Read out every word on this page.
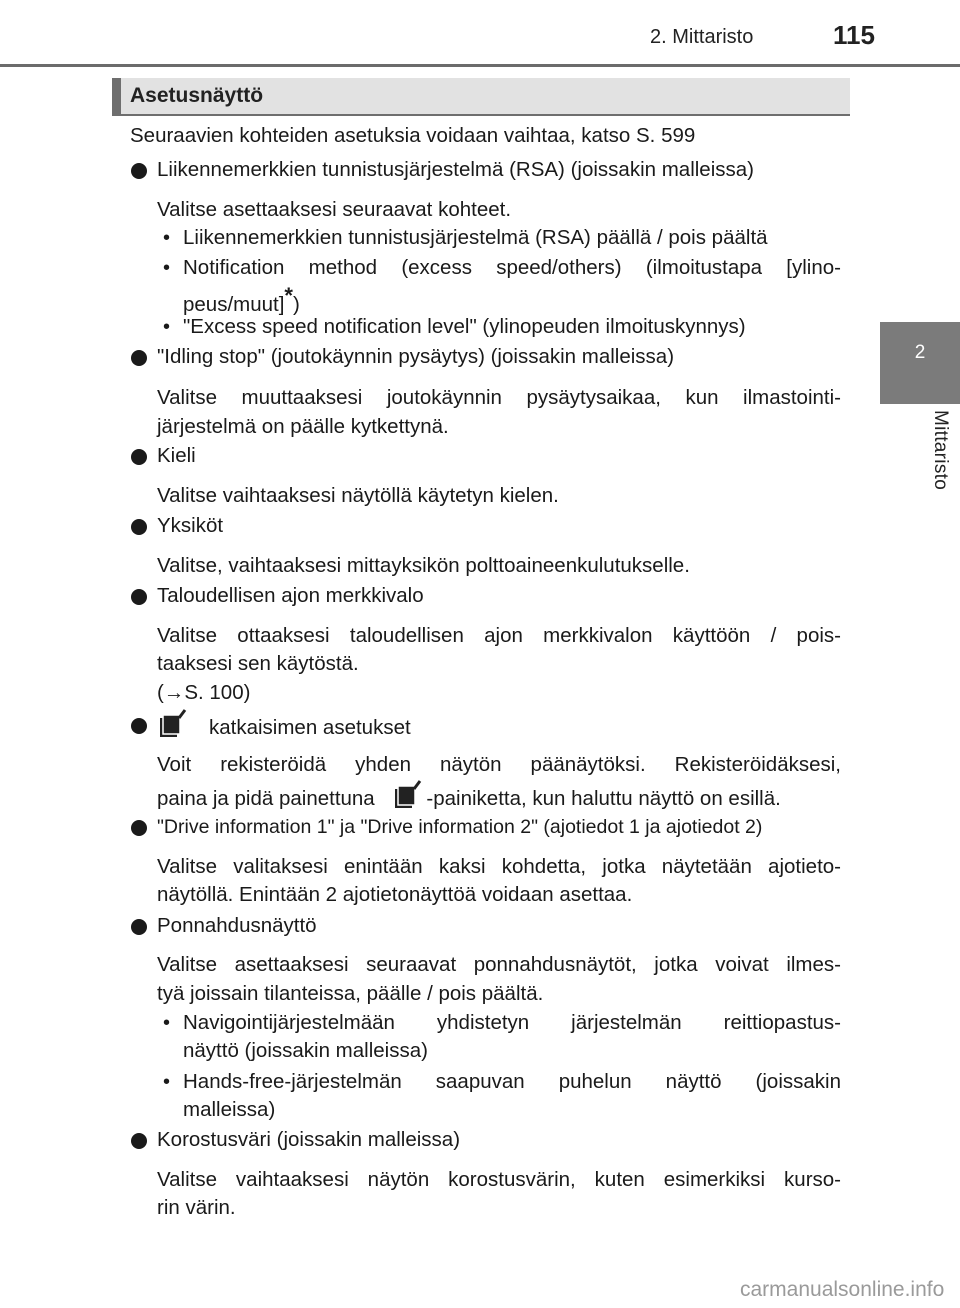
2. Mittaristo	115
2
Mittaristo
Asetusnäyttö
Seuraavien kohteiden asetuksia voidaan vaihtaa, katso S. 599
Liikennemerkkien tunnistusjärjestelmä (RSA) (joissakin malleissa)
Valitse asettaaksesi seuraavat kohteet.
• Liikennemerkkien tunnistusjärjestelmä (RSA) päällä / pois päältä
• Notification method (excess speed/others) (ilmoitustapa [ylino-
peus/muut]*)
• "Excess speed notification level" (ylinopeuden ilmoituskynnys)
"Idling stop" (joutokäynnin pysäytys) (joissakin malleissa)
Valitse muuttaaksesi joutokäynnin pysäytysaikaa, kun ilmastointi-
järjestelmä on päälle kytkettynä.
Kieli
Valitse vaihtaaksesi näytöllä käytetyn kielen.
Yksiköt
Valitse, vaihtaaksesi mittayksikön polttoaineenkulutukselle.
Taloudellisen ajon merkkivalo
Valitse ottaaksesi taloudellisen ajon merkkivalon käyttöön / pois-
taaksesi sen käytöstä.
(→S. 100)
katkaisimen asetukset
Voit rekisteröidä yhden näytön päänäytöksi. Rekisteröidäksesi,
paina ja pidä painettuna	-painiketta, kun haluttu näyttö on esillä.
"Drive information 1" ja "Drive information 2" (ajotiedot 1 ja ajotiedot 2)
Valitse valitaksesi enintään kaksi kohdetta, jotka näytetään ajotieto-
näytöllä. Enintään 2 ajotietonäyttöä voidaan asettaa.
Ponnahdusnäyttö
Valitse asettaaksesi seuraavat ponnahdusnäytöt, jotka voivat ilmes-
tyä joissain tilanteissa, päälle / pois päältä.
• Navigointijärjestelmään yhdistetyn järjestelmän reittiopastus-
näyttö (joissakin malleissa)
• Hands-free-järjestelmän saapuvan puhelun näyttö (joissakin
malleissa)
Korostusväri (joissakin malleissa)
Valitse vaihtaaksesi näytön korostusvärin, kuten esimerkiksi kurso-
rin värin.
carmanualsonline.info
